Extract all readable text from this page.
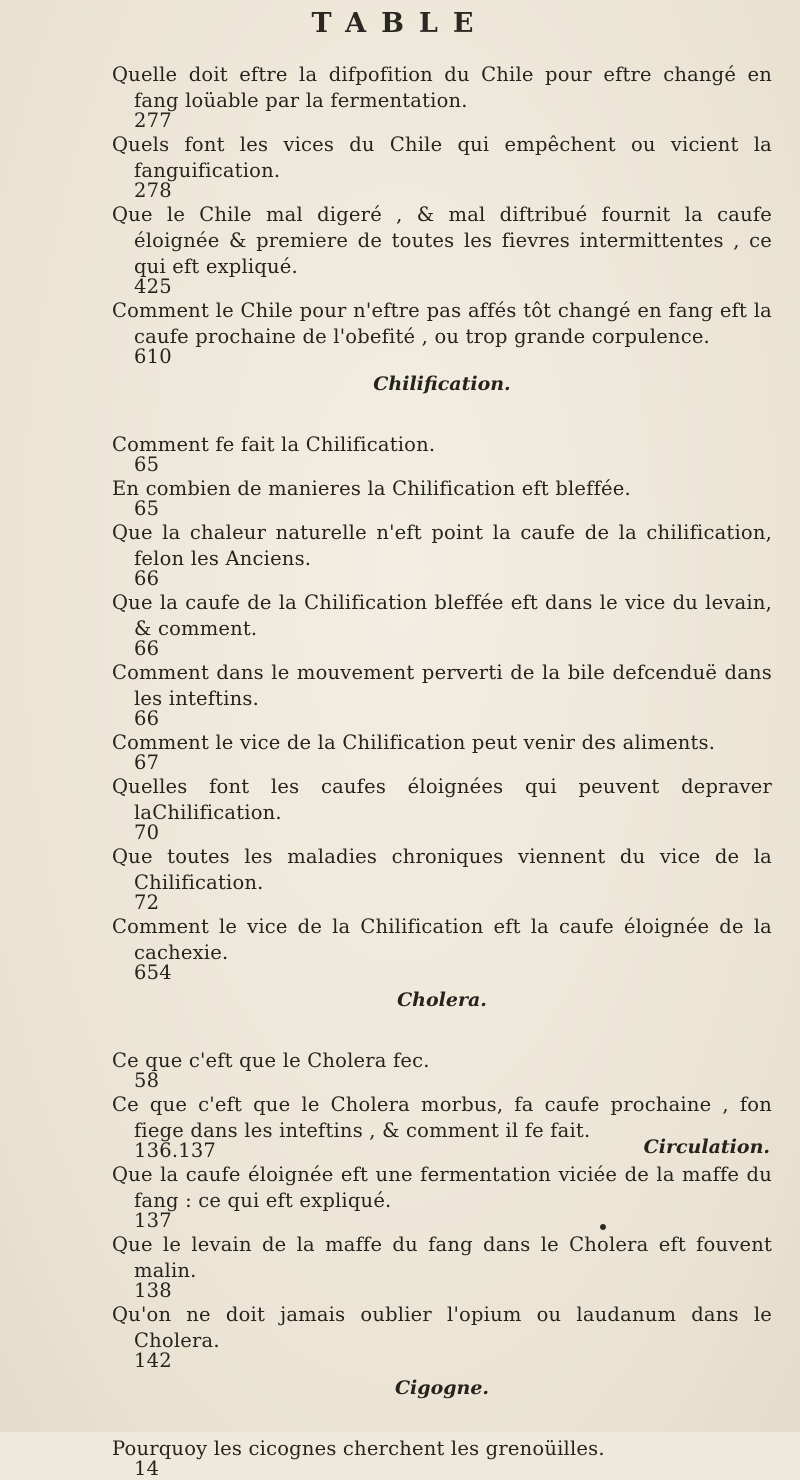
TABLE
Quelle doit eftre la difpofition du Chile pour eftre changé en fang loüable par la fermentation.
277
Quels font les vices du Chile qui empêchent ou vicient la fanguification.
278
Que le Chile mal digeré , & mal diftribué fournit la caufe éloignée & premiere de toutes les fievres intermittentes , ce qui eft expliqué.
425
Comment le Chile pour n'eftre pas affés tôt changé en fang eft la caufe prochaine de l'obefité , ou trop grande corpulence.
610
Chilification.
Comment fe fait la Chilification.
65
En combien de manieres la Chilification eft bleffée.
65
Que la chaleur naturelle n'eft point la caufe de la chilification, felon les Anciens.
66
Que la caufe de la Chilification bleffée eft dans le vice du levain, & comment.
66
Comment dans le mouvement perverti de la bile defcenduë dans les inteftins.
66
Comment le vice de la Chilification peut venir des aliments.
67
Quelles font les caufes éloignées qui peuvent depraver laChilification.
70
Que toutes les maladies chroniques viennent du vice de la Chilification.
72
Comment le vice de la Chilification eft la caufe éloignée de la cachexie.
654
Cholera.
Ce que c'eft que le Cholera fec.
58
Ce que c'eft que le Cholera morbus, fa caufe prochaine , fon fiege dans les inteftins , & comment il fe fait.
136.137
Que la caufe éloignée eft une fermentation viciée de la maffe du fang : ce qui eft expliqué.
137
Que le levain de la maffe du fang dans le Cholera eft fouvent malin.
138
Qu'on ne doit jamais oublier l'opium ou laudanum dans le Cholera.
142
Cigogne.
Pourquoy les cicognes cherchent les grenoüilles.
14
Circulation.
